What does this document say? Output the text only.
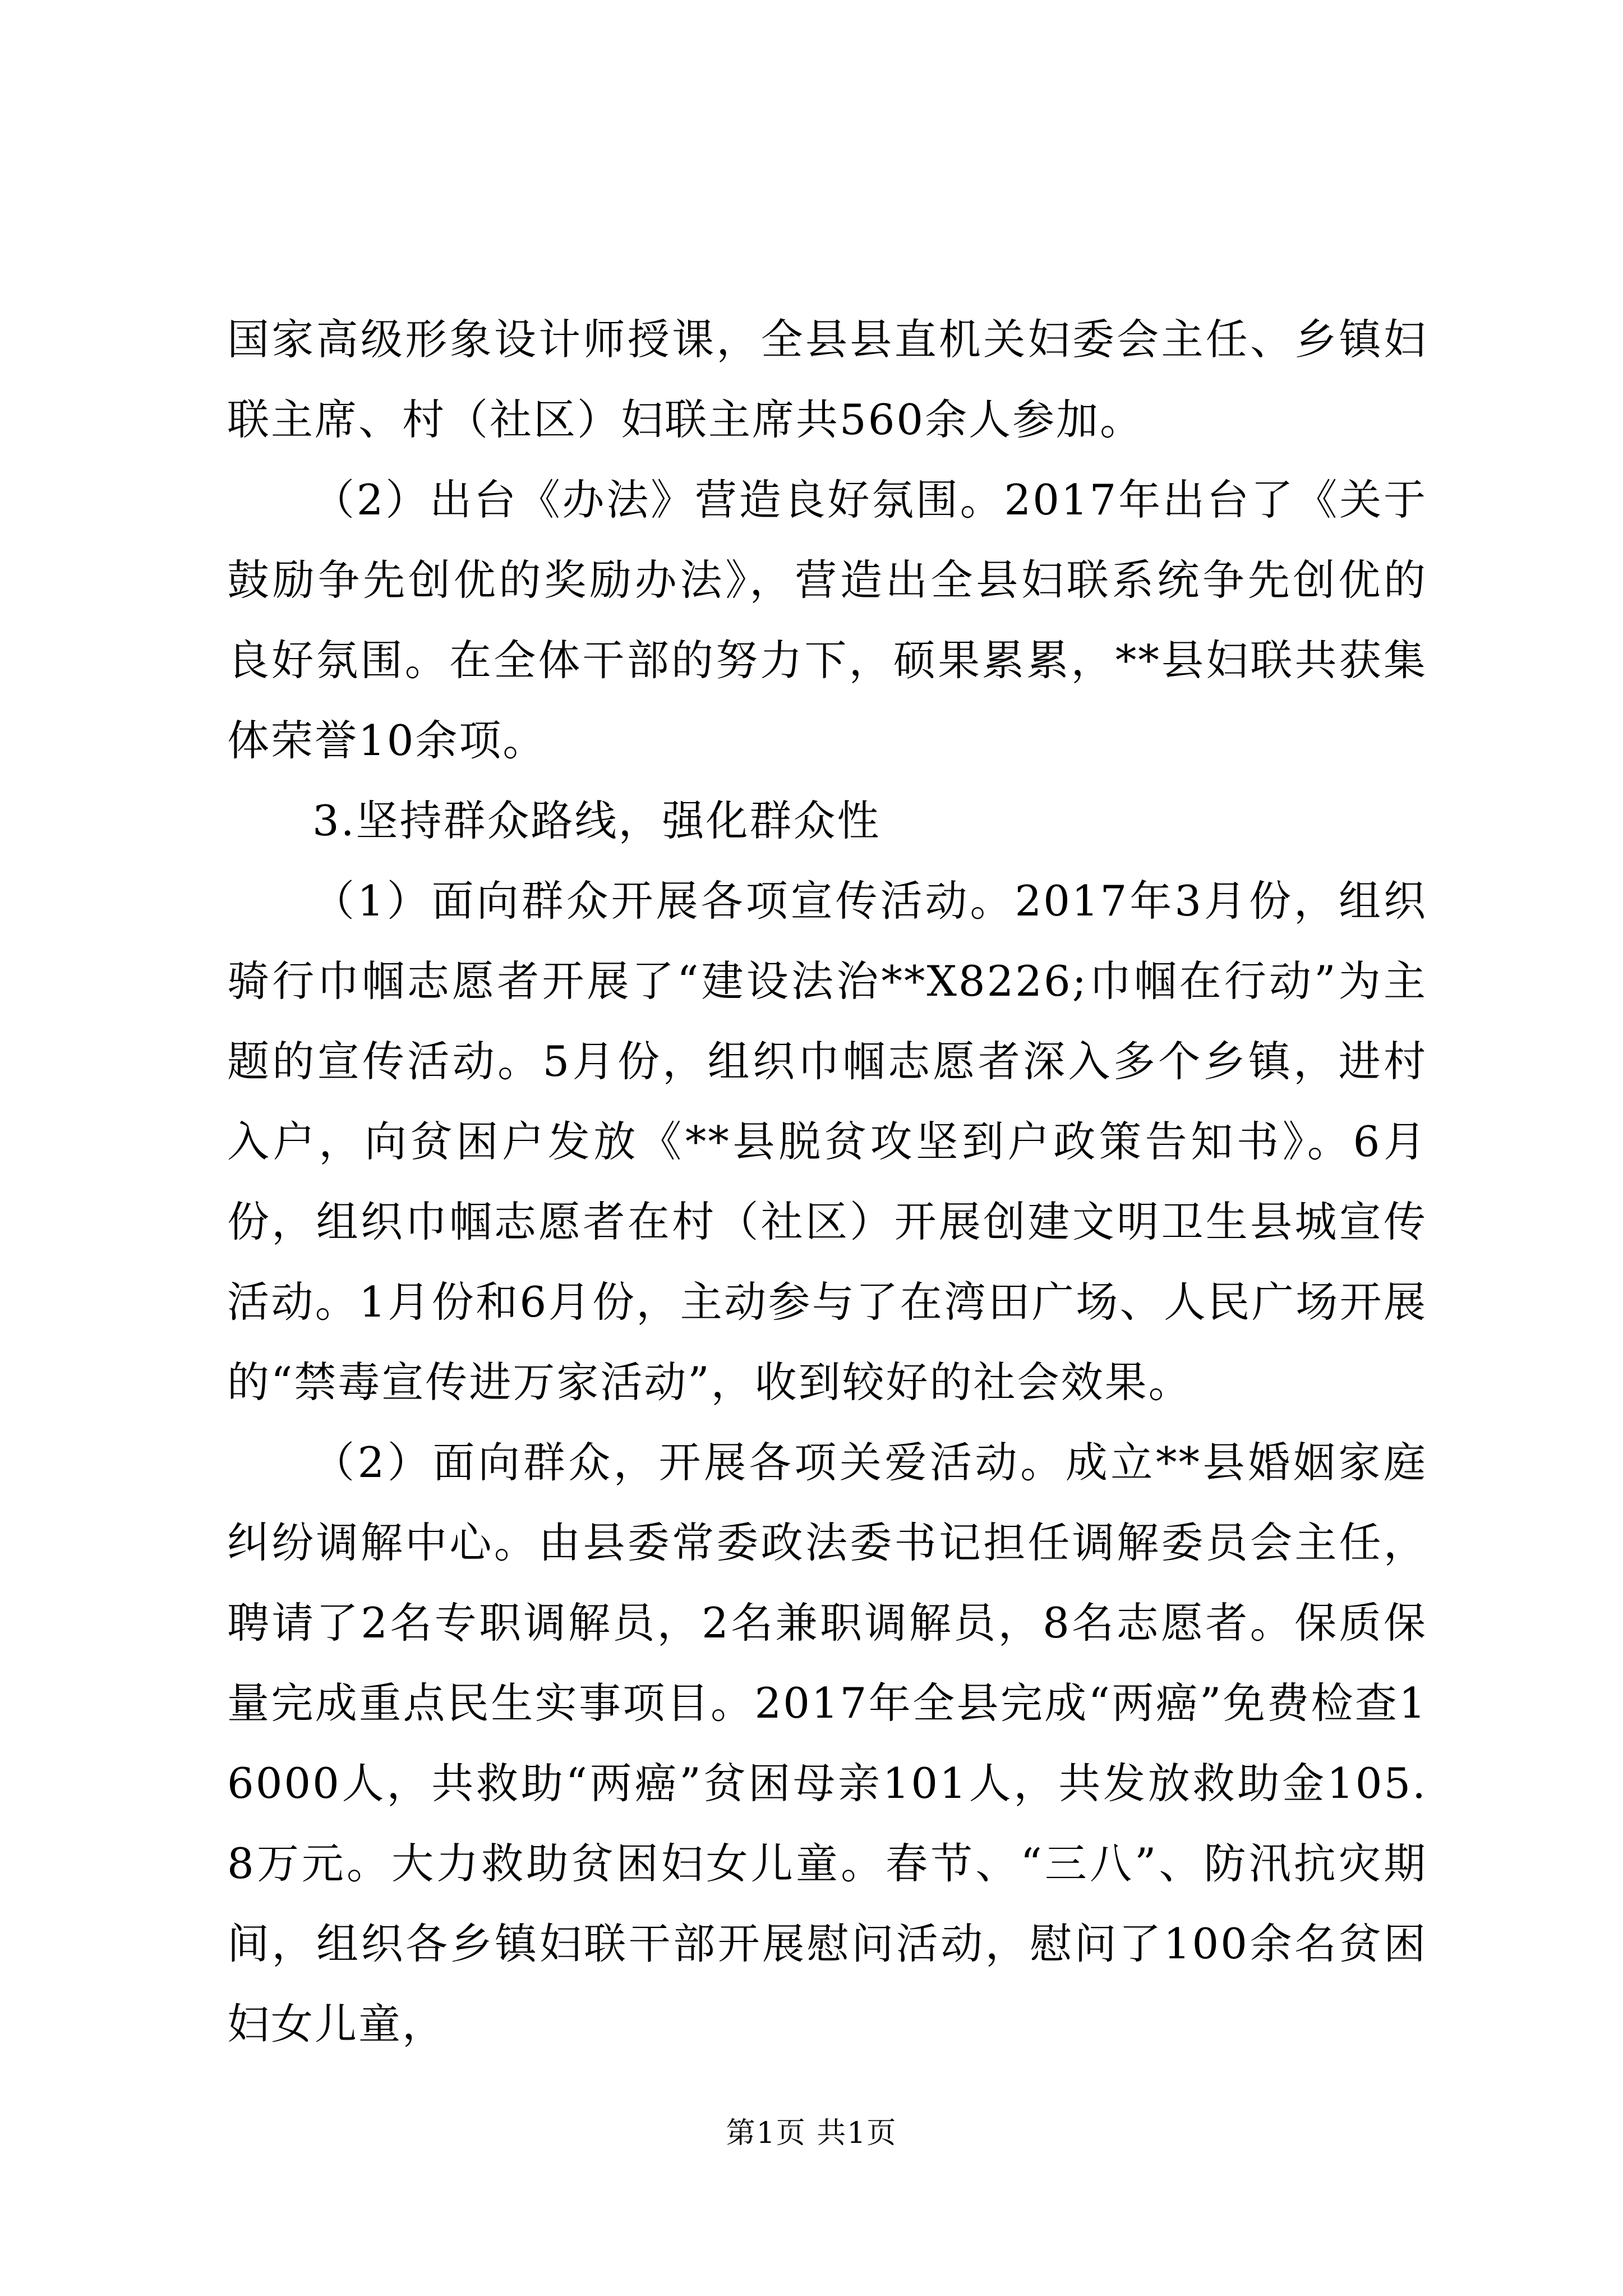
国家高级形象设计师授课，全县县直机关妇委会主任、乡镇妇联主席、村（社区）妇联主席共560余人参加。

（2）出台《办法》营造良好氛围。2017年出台了《关于鼓励争先创优的奖励办法》，营造出全县妇联系统争先创优的良好氛围。在全体干部的努力下，硕果累累，**县妇联共获集体荣誉10余项。

3.坚持群众路线，强化群众性

（1）面向群众开展各项宣传活动。2017年3月份，组织骑行巾帼志愿者开展了“建设法治**X8226;巾帼在行动”为主题的宣传活动。5月份，组织巾帼志愿者深入多个乡镇，进村入户，向贫困户发放《**县脱贫攻坚到户政策告知书》。6月份，组织巾帼志愿者在村（社区）开展创建文明卫生县城宣传活动。1月份和6月份，主动参与了在湾田广场、人民广场开展的“禁毒宣传进万家活动”，收到较好的社会效果。

（2）面向群众，开展各项关爱活动。成立**县婚姻家庭纠纷调解中心。由县委常委政法委书记担任调解委员会主任，聘请了2名专职调解员，2名兼职调解员，8名志愿者。保质保量完成重点民生实事项目。2017年全县完成“两癌”免费检查16000人，共救助“两癌”贫困母亲101人，共发放救助金105.8万元。大力救助贫困妇女儿童。春节、“三八”、防汛抗灾期间，组织各乡镇妇联干部开展慰问活动，慰问了100余名贫困妇女儿童，

第1页 共1页
